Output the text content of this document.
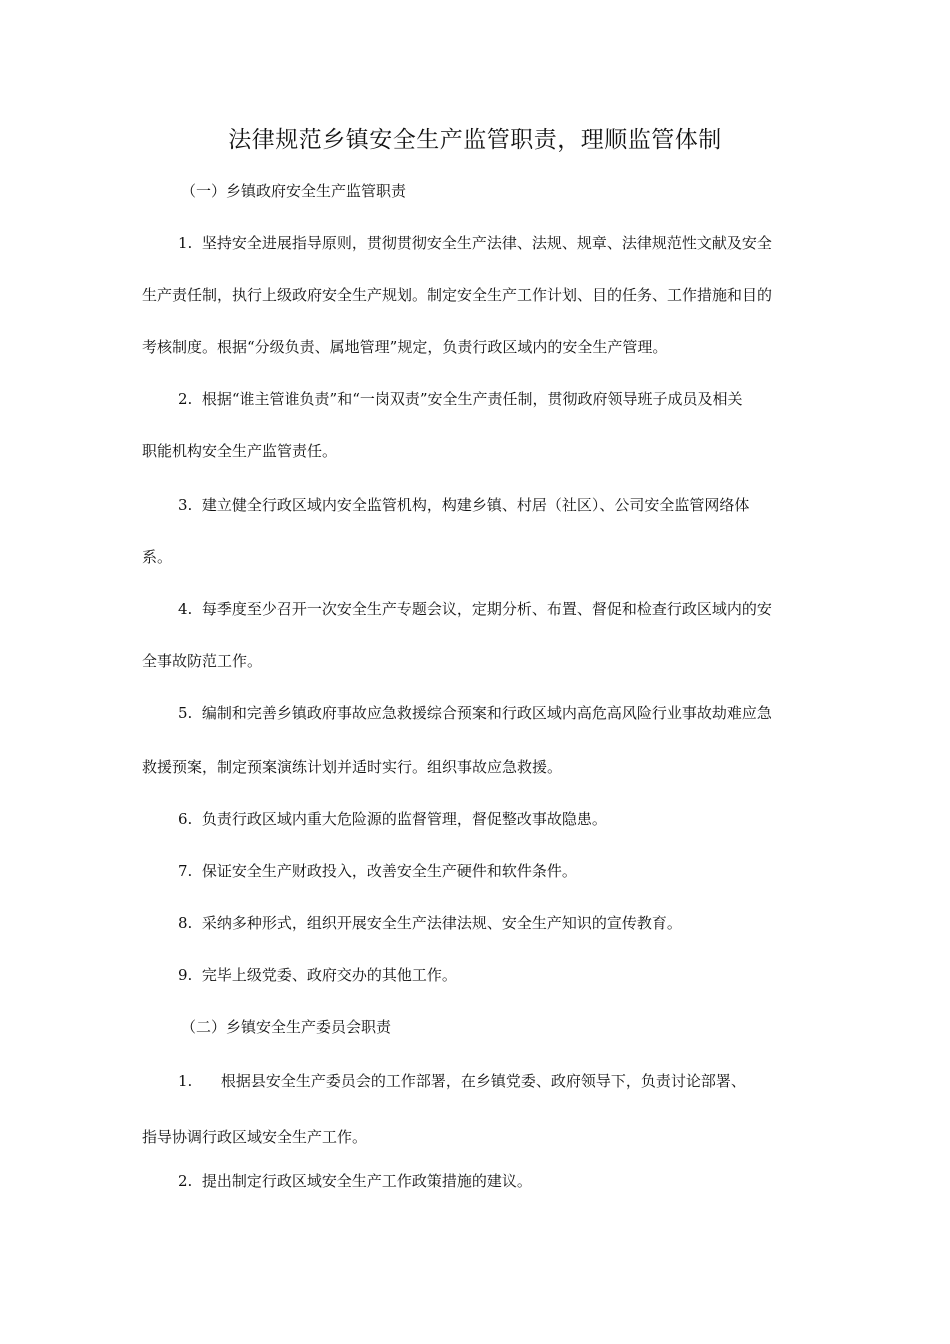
法律规范乡镇安全生产监管职责，理顺监管体制
（一）乡镇政府安全生产监管职责
1. 坚持安全进展指导原则，贯彻贯彻安全生产法律、法规、规章、法律规范性文献及安全
生产责任制，执行上级政府安全生产规划。制定安全生产工作计划、目的任务、工作措施和目的
考核制度。根据“分级负责、属地管理”规定，负责行政区域内的安全生产管理。
2. 根据“谁主管谁负责”和“一岗双责”安全生产责任制，贯彻政府领导班子成员及相关
职能机构安全生产监管责任。
3. 建立健全行政区域内安全监管机构，构建乡镇、村居（社区）、公司安全监管网络体
系。
4. 每季度至少召开一次安全生产专题会议，定期分析、布置、督促和检查行政区域内的安
全事故防范工作。
5. 编制和完善乡镇政府事故应急救援综合预案和行政区域内高危高风险行业事故劫难应急
救援预案，制定预案演练计划并适时实行。组织事故应急救援。
6. 负责行政区域内重大危险源的监督管理，督促整改事故隐患。
7. 保证安全生产财政投入，改善安全生产硬件和软件条件。
8. 采纳多种形式，组织开展安全生产法律法规、安全生产知识的宣传教育。
9. 完毕上级党委、政府交办的其他工作。
（二）乡镇安全生产委员会职责
1. 根据县安全生产委员会的工作部署，在乡镇党委、政府领导下，负责讨论部署、
指导协调行政区域安全生产工作。
2. 提出制定行政区域安全生产工作政策措施的建议。
